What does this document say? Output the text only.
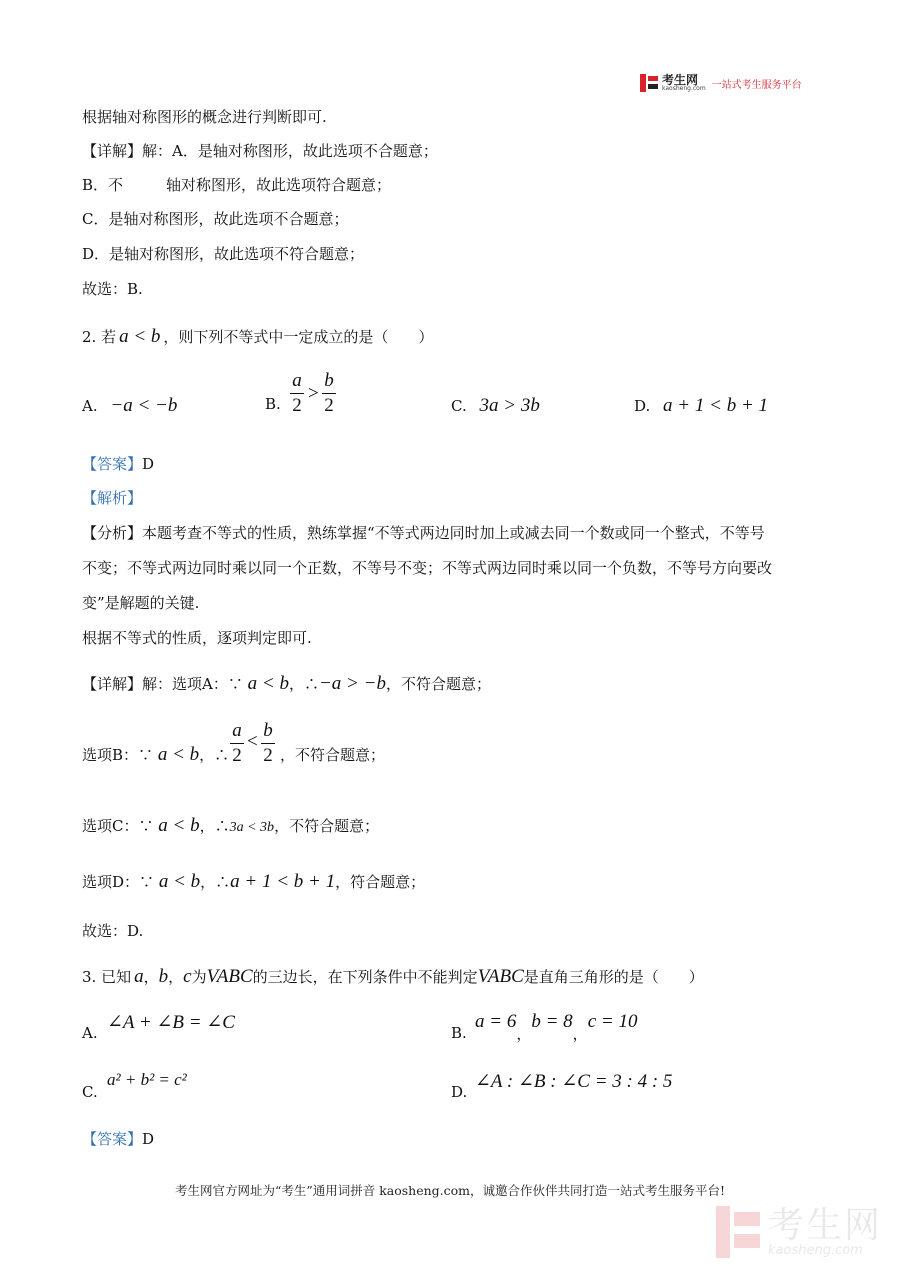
考生网
kaosheng.com 一站式考生服务平台
根据轴对称图形的概念进行判断即可.
【详解】解：A．是轴对称图形，故此选项不合题意；
B．不	轴对称图形，故此选项符合题意；
C．是轴对称图形，故此选项不合题意；
D．是轴对称图形，故此选项不符合题意；
故选：B.
2. 若 a < b ，则下列不等式中一定成立的是（　　）
A. −a < −b	B.
a
2
>
b
2	C. 3a > 3b	D. a + 1 < b + 1
【答案】D
【解析】
【分析】本题考查不等式的性质，熟练掌握“不等式两边同时加上或减去同一个数或同一个整式，不等号
不变；不等式两边同时乘以同一个正数，不等号不变；不等式两边同时乘以同一个负数，不等号方向要改
变”是解题的关键.
根据不等式的性质，逐项判定即可.
【详解】解：选项A：∵ a < b，∴−a > −b，不符合题意；
选项B：∵ a < b，∴
a
2
<
b
2 ，不符合题意；
选项C：∵ a < b，∴3a < 3b，不符合题意；
选项D：∵ a < b，∴a + 1 < b + 1，符合题意；
故选：D.
3. 已知 a，b，c为VABC的三边长，在下列条件中不能判定VABC是直角三角形的是（　　）
A. ∠A + ∠B = ∠C	B.
a = 6，b = 8，c = 10
C.
a² + b² = c²
D. ∠A : ∠B : ∠C = 3 : 4 : 5
【答案】D
考生网官方网址为“考生”通用词拼音 kaosheng.com，诚邀合作伙伴共同打造一站式考生服务平台!
考生网
kaosheng.com
